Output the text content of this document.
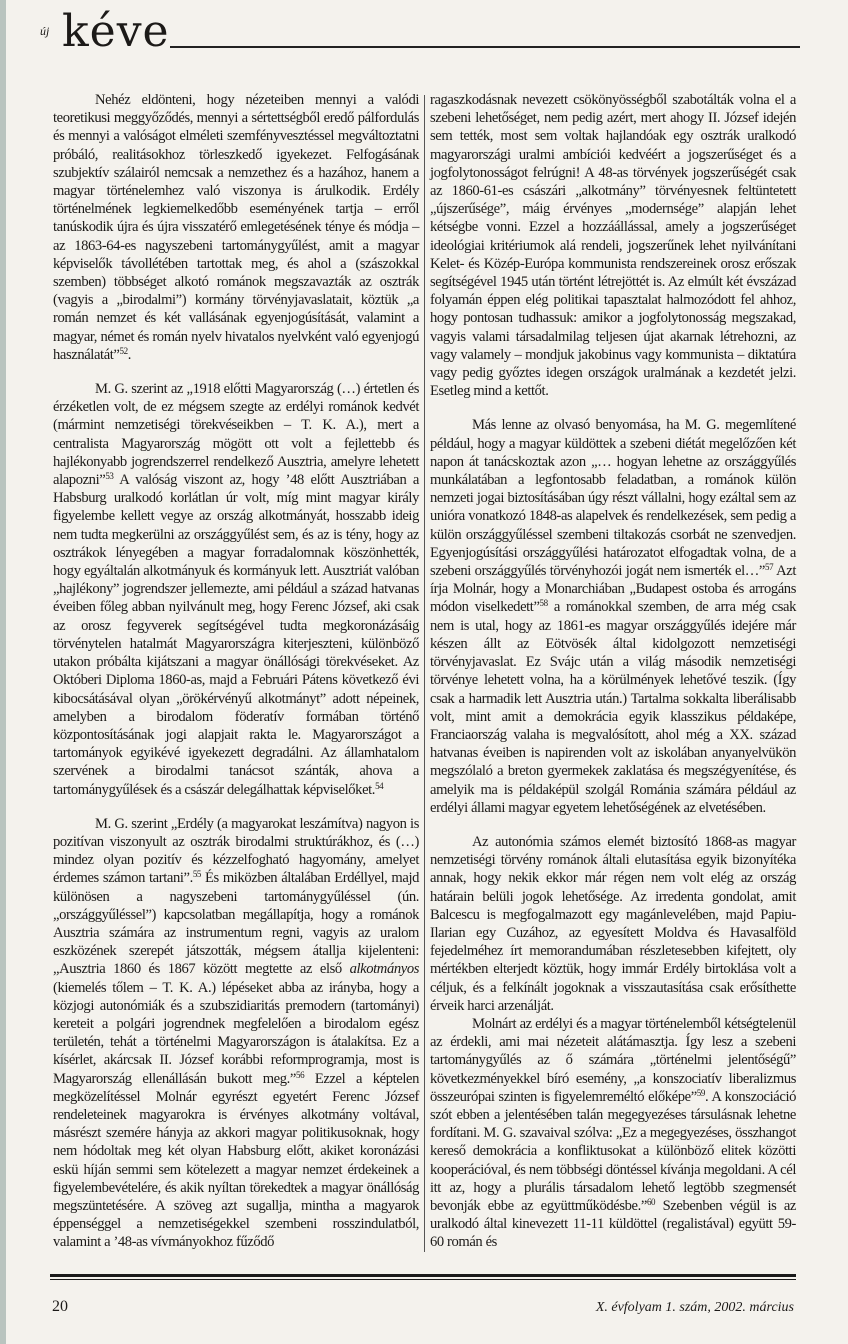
új kéve

Nehéz eldönteni, hogy nézeteiben mennyi a valódi teoretikusi meggyőződés, mennyi a sértettségből eredő pálfordulás és mennyi a valóságot elméleti szemfényvesztéssel megváltoztatni próbáló, realitásokhoz törleszkedő igyekezet. Felfogásának szubjektív szálairól nemcsak a nemzethez és a hazához, hanem a magyar történelemhez való viszonya is árulkodik. Erdély történelmének legkiemelkedőbb eseményének tartja – erről tanúskodik újra és újra visszatérő emlegetésének ténye és módja – az 1863-64-es nagyszebeni tartománygyűlést, amit a magyar képviselők távollétében tartottak meg, és ahol a (szászokkal szemben) többséget alkotó románok megszavazták az osztrák (vagyis a „birodalmi”) kormány törvényjavaslatait, köztük „a román nemzet és két vallásának egyenjogúsítását, valamint a magyar, német és román nyelv hivatalos nyelvként való egyenjogú használatát”$^{52}$.

M. G. szerint az „1918 előtti Magyarország (…) értetlen és érzéketlen volt, de ez mégsem szegte az erdélyi románok kedvét (mármint nemzetiségi törekvéseikben – T. K. A.), mert a centralista Magyarország mögött ott volt a fejlettebb és hajlékonyabb jogrendszerrel rendelkező Ausztria, amelyre lehetett alapozni”$^{53}$ A valóság viszont az, hogy ’48 előtt Ausztriában a Habsburg uralkodó korlátlan úr volt, míg mint magyar király figyelembe kellett vegye az ország alkotmányát, hosszabb ideig nem tudta megkerülni az országgyűlést sem, és az is tény, hogy az osztrákok lényegében a magyar forradalomnak köszönhették, hogy egyáltalán alkotmányuk és kormányuk lett. Ausztriát valóban „hajlékony” jogrendszer jellemezte, ami például a század hatvanas éveiben főleg abban nyilvánult meg, hogy Ferenc József, aki csak az orosz fegyverek segítségével tudta megkoronázásáig törvénytelen hatalmát Magyarországra kiterjeszteni, különböző utakon próbálta kijátszani a magyar önállósági törekvéseket. Az Októberi Diploma 1860-as, majd a Februári Pátens következő évi kibocsátásával olyan „örökérvényű alkotmányt” adott népeinek, amelyben a birodalom föderatív formában történő központosításának jogi alapjait rakta le. Magyarországot a tartományok egyikévé igyekezett degradálni. Az államhatalom szervének a birodalmi tanácsot szánták, ahova a tartománygyűlések és a császár delegálhattak képviselőket.$^{54}$

M. G. szerint „Erdély (a magyarokat leszámítva) nagyon is pozitívan viszonyult az osztrák birodalmi struktúrákhoz, és (…) mindez olyan pozitív és kézzelfogható hagyomány, amelyet érdemes számon tartani”.$^{55}$ És miközben általában Erdéllyel, majd különösen a nagyszebeni tartománygyűléssel (ún. „országgyűléssel”) kapcsolatban megállapítja, hogy a románok Ausztria számára az instrumentum regni, vagyis az uralom eszközének szerepét játszották, mégsem átallja kijelenteni: „Ausztria 1860 és 1867 között megtette az első alkotmányos (kiemelés tőlem – T. K. A.) lépéseket abba az irányba, hogy a közjogi autonómiák és a szubszidiaritás premodern (tartományi) kereteit a polgári jogrendnek megfelelően a birodalom egész területén, tehát a történelmi Magyarországon is átalakítsa. Ez a kísérlet, akárcsak II. József korábbi reformprogramja, most is Magyarország ellenállásán bukott meg.”$^{56}$ Ezzel a képtelen megközelítéssel Molnár egyrészt egyetért Ferenc József rendeleteinek magyarokra is érvényes alkotmány voltával, másrészt szemére hányja az akkori magyar politikusoknak, hogy nem hódoltak meg két olyan Habsburg előtt, akiket koronázási eskü híján semmi sem kötelezett a magyar nemzet érdekeinek a figyelembevételére, és akik nyíltan törekedtek a magyar önállóság megszüntetésére. A szöveg azt sugallja, mintha a magyarok éppenséggel a nemzetiségekkel szembeni rosszindulatból, valamint a ’48-as vívmányokhoz fűződő

ragaszkodásnak nevezett csökönyösségből szabotálták volna el a szebeni lehetőséget, nem pedig azért, mert ahogy II. József idején sem tették, most sem voltak hajlandóak egy osztrák uralkodó magyarországi uralmi ambíciói kedvéért a jogszerűséget és a jogfolytonosságot felrúgni! A 48-as törvények jogszerűségét csak az 1860-61-es császári „alkotmány” törvényesnek feltüntetett „újszerűsége”, máig érvényes „modernsége” alapján lehet kétségbe vonni. Ezzel a hozzáállással, amely a jogszerűséget ideológiai kritériumok alá rendeli, jogszerűnek lehet nyilvánítani Kelet- és Közép-Európa kommunista rendszereinek orosz erőszak segítségével 1945 után történt létrejöttét is. Az elmúlt két évszázad folyamán éppen elég politikai tapasztalat halmozódott fel ahhoz, hogy pontosan tudhassuk: amikor a jogfolytonosság megszakad, vagyis valami társadalmilag teljesen újat akarnak létrehozni, az vagy valamely – mondjuk jakobinus vagy kommunista – diktatúra vagy pedig győztes idegen országok uralmának a kezdetét jelzi. Esetleg mind a kettőt.

Más lenne az olvasó benyomása, ha M. G. megemlítené például, hogy a magyar küldöttek a szebeni diétát megelőzően két napon át tanácskoztak azon „… hogyan lehetne az országgyűlés munkálatában a legfontosabb feladatban, a románok külön nemzeti jogai biztosításában úgy részt vállalni, hogy ezáltal sem az unióra vonatkozó 1848-as alapelvek és rendelkezések, sem pedig a külön országgyűléssel szembeni tiltakozás csorbát ne szenvedjen. Egyenjogúsítási országgyűlési határozatot elfogadtak volna, de a szebeni országgyűlés törvényhozói jogát nem ismerték el…”$^{57}$ Azt írja Molnár, hogy a Monarchiában „Budapest ostoba és arrogáns módon viselkedett”$^{58}$ a románokkal szemben, de arra még csak nem is utal, hogy az 1861-es magyar országgyűlés idejére már készen állt az Eötvösék által kidolgozott nemzetiségi törvényjavaslat. Ez Svájc után a világ második nemzetiségi törvénye lehetett volna, ha a körülmények lehetővé teszik. (Így csak a harmadik lett Ausztria után.) Tartalma sokkalta liberálisabb volt, mint amit a demokrácia egyik klasszikus példaképe, Franciaország valaha is megvalósított, ahol még a XX. század hatvanas éveiben is napirenden volt az iskolában anyanyelvükön megszólaló a breton gyermekek zaklatása és megszégyenítése, és amelyik ma is példaképül szolgál Románia számára például az erdélyi állami magyar egyetem lehetőségének az elvetésében.

Az autonómia számos elemét biztosító 1868-as magyar nemzetiségi törvény románok általi elutasítása egyik bizonyítéka annak, hogy nekik ekkor már régen nem volt elég az ország határain belüli jogok lehetősége. Az irredenta gondolat, amit Balcescu is megfogalmazott egy magánlevelében, majd Papiu-Ilarian egy Cuzához, az egyesített Moldva és Havasalföld fejedelméhez írt memorandumában részletesebben kifejtett, oly mértékben elterjedt köztük, hogy immár Erdély birtoklása volt a céljuk, és a felkínált jogoknak a visszautasítása csak erősíthette érveik harci arzenálját.

Molnárt az erdélyi és a magyar történelemből kétségtelenül az érdekli, ami mai nézeteit alátámasztja. Így lesz a szebeni tartománygyűlés az ő számára „történelmi jelentőségű” következményekkel bíró esemény, „a konszociatív liberalizmus összeurópai szinten is figyelemreméltó előképe”$^{59}$. A konszociáció szót ebben a jelentésében talán megegyezéses társulásnak lehetne fordítani. M. G. szavaival szólva: „Ez a megegyezéses, összhangot kereső demokrácia a konfliktusokat a különböző elitek közötti kooperációval, és nem többségi döntéssel kívánja megoldani. A cél itt az, hogy a plurális társadalom lehető legtöbb szegmensét bevonják ebbe az együttműködésbe.”$^{60}$ Szebenben végül is az uralkodó által kinevezett 11-11 küldöttel (regalistával) együtt 59-60 román és

20	X. évfolyam 1. szám, 2002. március
